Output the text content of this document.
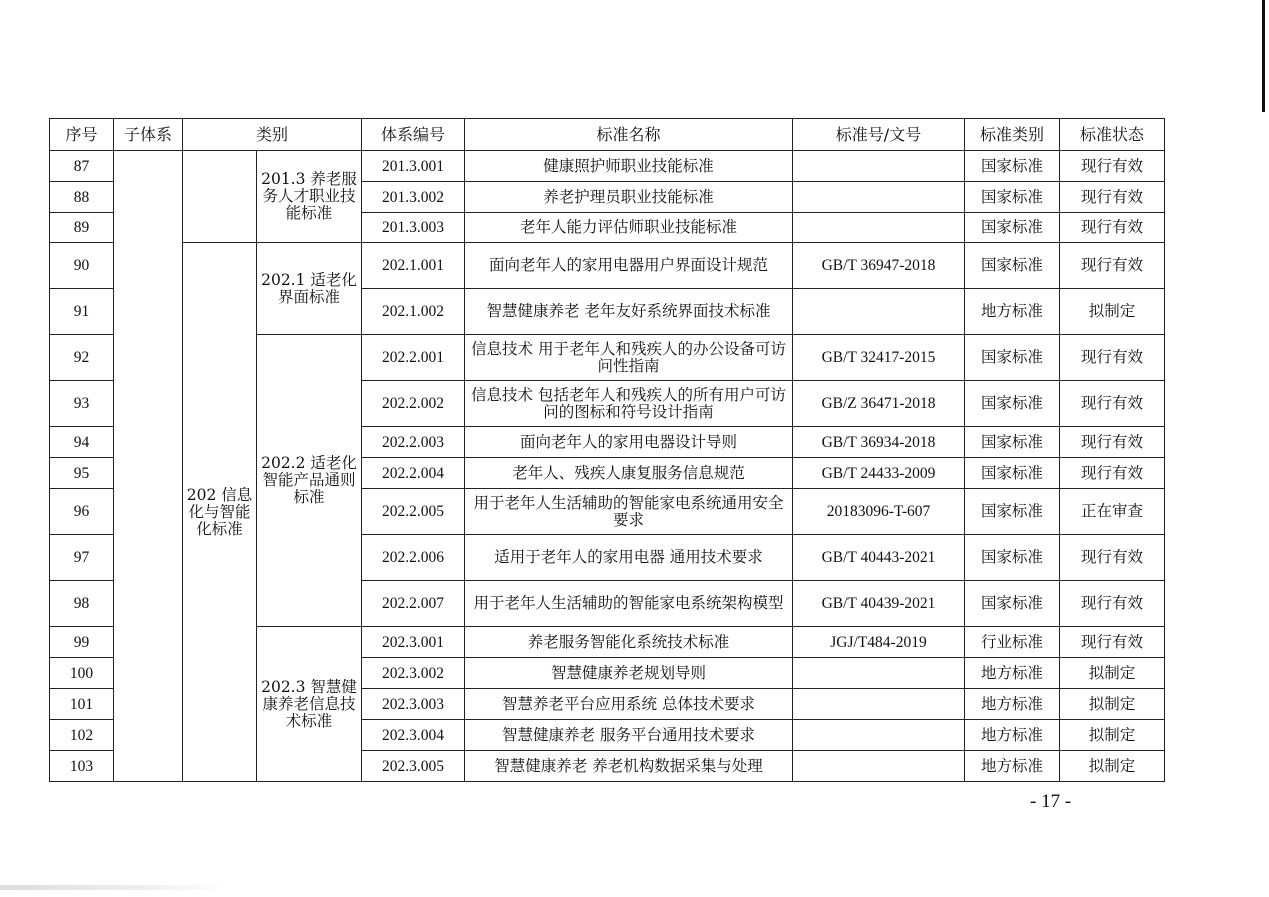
序号	子体系	类别		体系编号	标准名称	标准号/文号	标准类别	标准状态
87			201.3 养老服务人才职业技能标准	201.3.001	健康照护师职业技能标准		国家标准	现行有效
88				201.3.002	养老护理员职业技能标准		国家标准	现行有效
89				201.3.003	老年人能力评估师职业技能标准		国家标准	现行有效
90		202 信息化与智能化标准	202.1 适老化界面标准	202.1.001	面向老年人的家用电器用户界面设计规范	GB/T 36947-2018	国家标准	现行有效
91				202.1.002	智慧健康养老 老年友好系统界面技术标准		地方标准	拟制定
92			202.2 适老化智能产品通则标准	202.2.001	信息技术 用于老年人和残疾人的办公设备可访问性指南	GB/T 32417-2015	国家标准	现行有效
93				202.2.002	信息技术 包括老年人和残疾人的所有用户可访问的图标和符号设计指南	GB/Z 36471-2018	国家标准	现行有效
94				202.2.003	面向老年人的家用电器设计导则	GB/T 36934-2018	国家标准	现行有效
95				202.2.004	老年人、残疾人康复服务信息规范	GB/T 24433-2009	国家标准	现行有效
96				202.2.005	用于老年人生活辅助的智能家电系统通用安全要求	20183096-T-607	国家标准	正在审查
97				202.2.006	适用于老年人的家用电器 通用技术要求	GB/T 40443-2021	国家标准	现行有效
98				202.2.007	用于老年人生活辅助的智能家电系统架构模型	GB/T 40439-2021	国家标准	现行有效
99			202.3 智慧健康养老信息技术标准	202.3.001	养老服务智能化系统技术标准	JGJ/T484-2019	行业标准	现行有效
100				202.3.002	智慧健康养老规划导则		地方标准	拟制定
101				202.3.003	智慧养老平台应用系统 总体技术要求		地方标准	拟制定
102				202.3.004	智慧健康养老 服务平台通用技术要求		地方标准	拟制定
103				202.3.005	智慧健康养老 养老机构数据采集与处理		地方标准	拟制定
- 17 -
